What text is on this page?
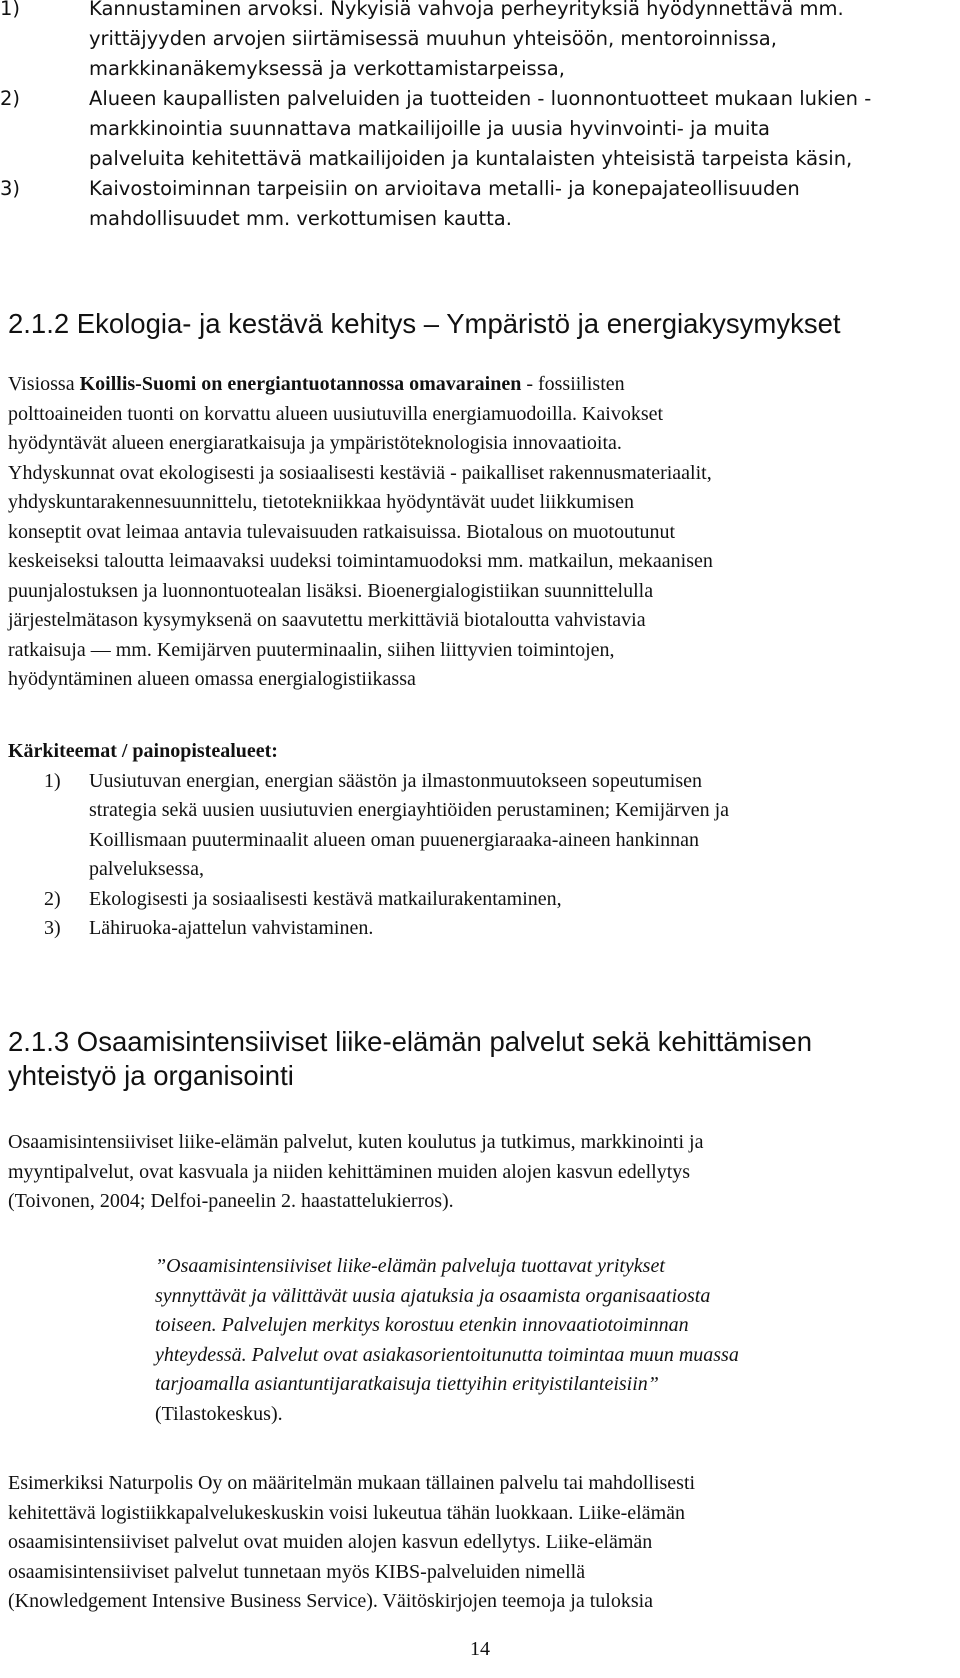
1)	Kannustaminen arvoksi. Nykyisiä vahvoja perheyrityksiä hyödynnettävä mm.
yrittäjyyden arvojen siirtämisessä muuhun yhteisöön, mentoroinnissa,
markkinanäkemyksessä ja verkottamistarpeissa,
2)	Alueen kaupallisten palveluiden ja tuotteiden - luonnontuotteet mukaan lukien -
markkinointia suunnattava matkailijoille ja uusia hyvinvointi- ja muita
palveluita kehitettävä matkailijoiden ja kuntalaisten yhteisistä tarpeista käsin,
3)	Kaivostoiminnan tarpeisiin on arvioitava metalli- ja konepajateollisuuden
mahdollisuudet mm. verkottumisen kautta.
2.1.2 Ekologia- ja kestävä kehitys – Ympäristö ja energiakysymykset
Visiossa Koillis-Suomi on energiantuotannossa omavarainen - fossiilisten
polttoaineiden tuonti on korvattu alueen uusiutuvilla energiamuodoilla. Kaivokset
hyödyntävät alueen energiaratkaisuja ja ympäristöteknologisia innovaatioita.
Yhdyskunnat ovat ekologisesti ja sosiaalisesti kestäviä - paikalliset rakennusmateriaalit,
yhdyskuntarakennesuunnittelu, tietotekniikkaa hyödyntävät uudet liikkumisen
konseptit ovat leimaa antavia tulevaisuuden ratkaisuissa. Biotalous on muotoutunut
keskeiseksi taloutta leimaavaksi uudeksi toimintamuodoksi mm. matkailun, mekaanisen
puunjalostuksen ja luonnontuotealan lisäksi. Bioenergialogistiikan suunnittelulla
järjestelmätason kysymyksenä on saavutettu merkittäviä biotaloutta vahvistavia
ratkaisuja — mm. Kemijärven puuterminaalin, siihen liittyvien toimintojen,
hyödyntäminen alueen omassa energialogistiikassa
Kärkiteemat / painopistealueet:
1)	Uusiutuvan energian, energian säästön ja ilmastonmuutokseen sopeutumisen
strategia sekä uusien uusiutuvien energiayhtiöiden perustaminen; Kemijärven ja
Koillismaan puuterminaalit alueen oman puuenergiaraaka-aineen hankinnan
palveluksessa,
2)	Ekologisesti ja sosiaalisesti kestävä matkailurakentaminen,
3)	Lähiruoka-ajattelun vahvistaminen.
2.1.3 Osaamisintensiiviset liike-elämän palvelut sekä kehittämisen
yhteistyö ja organisointi
Osaamisintensiiviset liike-elämän palvelut, kuten koulutus ja tutkimus, markkinointi ja
myyntipalvelut, ovat kasvuala ja niiden kehittäminen muiden alojen kasvun edellytys
(Toivonen, 2004; Delfoi-paneelin 2. haastattelukierros).
”Osaamisintensiiviset liike-elämän palveluja tuottavat yritykset
synnyttävät ja välittävät uusia ajatuksia ja osaamista organisaatiosta
toiseen. Palvelujen merkitys korostuu etenkin innovaatiotoiminnan
yhteydessä. Palvelut ovat asiakasorientoitunutta toimintaa muun muassa
tarjoamalla asiantuntijaratkaisuja tiettyihin erityistilanteisiin”
(Tilastokeskus).
Esimerkiksi Naturpolis Oy on määritelmän mukaan tällainen palvelu tai mahdollisesti
kehitettävä logistiikkapalvelukeskuskin voisi lukeutua tähän luokkaan. Liike-elämän
osaamisintensiiviset palvelut ovat muiden alojen kasvun edellytys. Liike-elämän
osaamisintensiiviset palvelut tunnetaan myös KIBS-palveluiden nimellä
(Knowledgement Intensive Business Service). Väitöskirjojen teemoja ja tuloksia
14
